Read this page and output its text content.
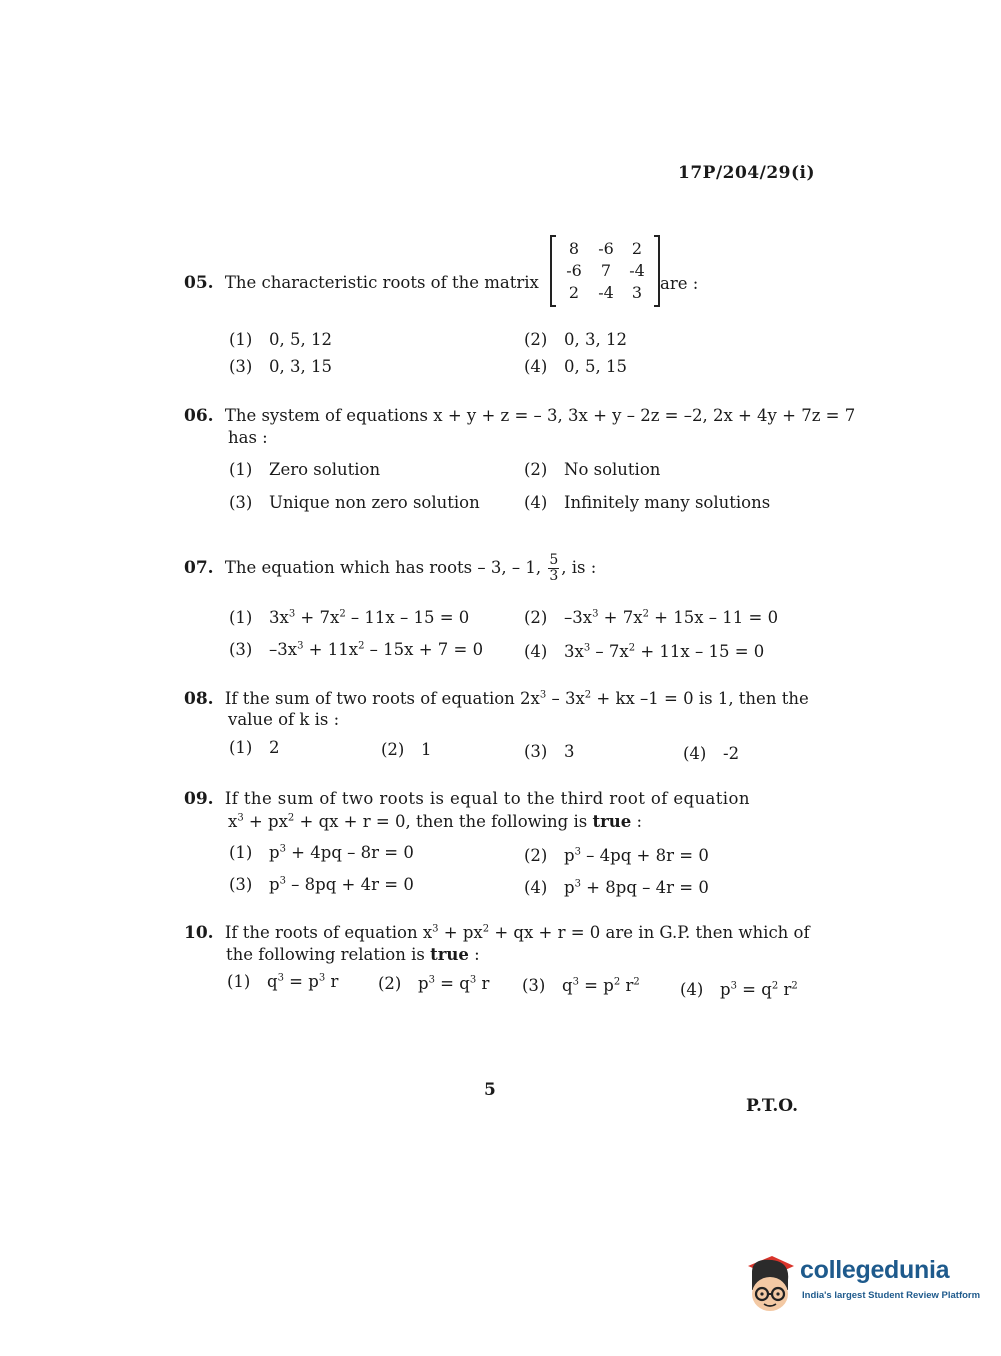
17P/204/29(i)
05. The characteristic roots of the matrix
8	-6	2
-6	7	-4
2	-4	3	are :
(1) 0, 5, 12	(2) 0, 3, 12
(3) 0, 3, 15	(4) 0, 5, 15
06. The system of equations x + y + z = – 3, 3x + y – 2z = –2, 2x + 4y + 7z = 7
has :
(1) Zero solution	(2) No solution
(3) Unique non zero solution	(4) Infinitely many solutions
07. The equation which has roots – 3, – 1, $\frac{5}{3}$ , is :
(1) $3x^3 + 7x^2 - 11x - 15 = 0$	(2) $-3x^3 + 7x^2 + 15x - 11 = 0$
(3) $-3x^3 + 11x^2 - 15x + 7 = 0$ (4) $3x^3 - 7x^2 + 11x - 15 = 0$
08. If the sum of two roots of equation $2x^3 - 3x^2$ + kx –1 = 0 is 1, then the
value of k is :
(1) 2	(2) 1	(3) 3	(4) -2
09. If the sum of two roots is equal to the third root of equation
$x^3 + px^2$ + qx + r = 0, then the following is true :
(1) $p^3 + 4pq - 8r = 0$	(2) $p^3 - 4pq + 8r = 0$
(3) $p^3 - 8pq + 4r = 0$	(4) $p^3 + 8pq - 4r = 0$
10. If the roots of equation $x^3 + px^2$ + qx + r = 0 are in G.P. then which of
the following relation is true :
(1) $q^3 = p^3$ r (2) $p^3 = q^3$ r (3) $q^3 = p^2$ $r^2$ (4) $p^3 = q^2$ $r^2$
5
P.T.O.
collegedunia
India's largest Student Review Platform
